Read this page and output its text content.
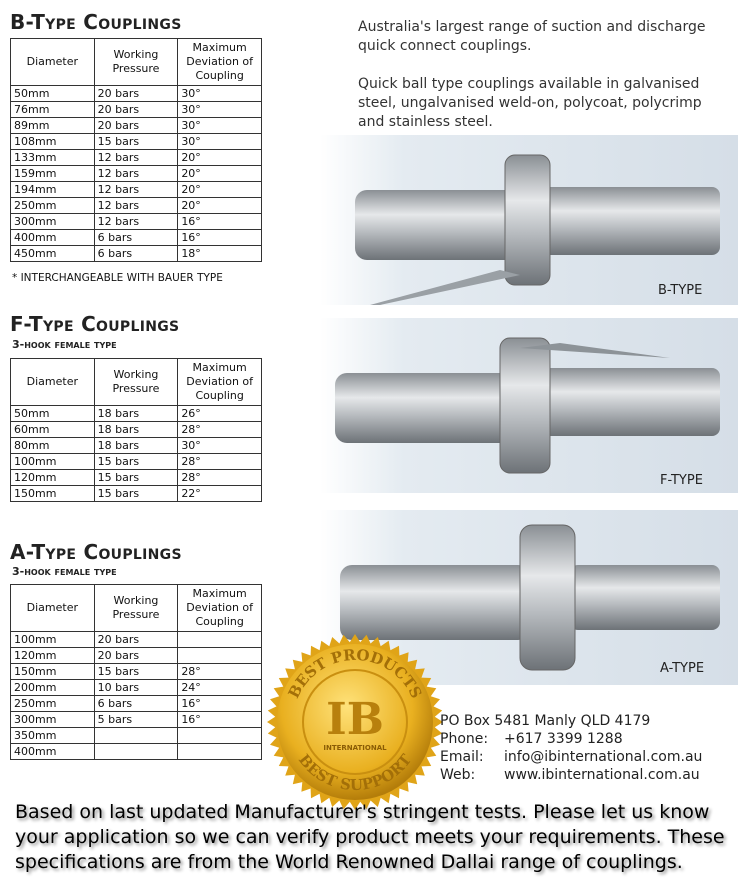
B-Type Couplings
Diameter	Working Pressure	Maximum Deviation of Coupling
50mm	20 bars	30°
76mm	20 bars	30°
89mm	20 bars	30°
108mm	15 bars	30°
133mm	12 bars	20°
159mm	12 bars	20°
194mm	12 bars	20°
250mm	12 bars	20°
300mm	12 bars	16°
400mm	6 bars	16°
450mm	6 bars	18°
* INTERCHANGEABLE WITH BAUER TYPE
F-Type Couplings
3-hook female type
Diameter	Working Pressure	Maximum Deviation of Coupling
50mm	18 bars	26°
60mm	18 bars	28°
80mm	18 bars	30°
100mm	15 bars	28°
120mm	15 bars	28°
150mm	15 bars	22°
A-Type Couplings
3-hook female type
Diameter	Working Pressure	Maximum Deviation of Coupling
100mm	20 bars	
120mm	20 bars	
150mm	15 bars	28°
200mm	10 bars	24°
250mm	6 bars	16°
300mm	5 bars	16°
350mm		
400mm		
Australia's largest range of suction and discharge quick connect couplings.
Quick ball type couplings available in galvanised steel, ungalvanised weld-on, polycoat, polycrimp and stainless steel.
B-TYPE
F-TYPE
A-TYPE
IB
INTERNATIONAL
BEST PRODUCTS
BEST SUPPORT
PO Box 5481 Manly QLD 4179
Phone: +617 3399 1288
Email: info@ibinternational.com.au
Web: www.ibinternational.com.au
Based on last updated Manufacturer's stringent tests. Please let us know your application so we can verify product meets your requirements. These specifications are from the World Renowned Dallai range of couplings.
